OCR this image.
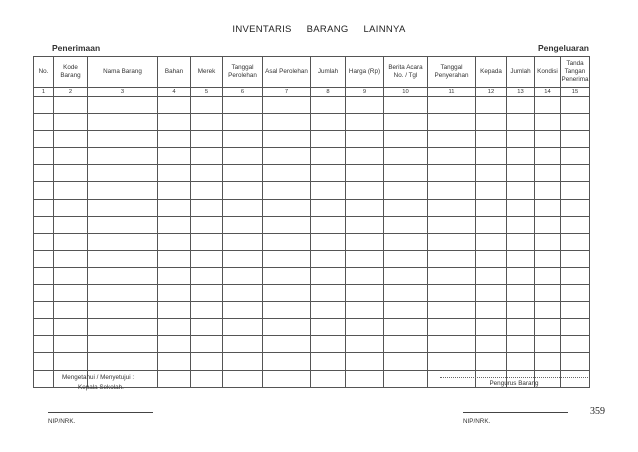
INVENTARIS BARANG LAINNYA
Penerimaan	Pengeluaran
No.	Kode Barang	Nama Barang	Bahan	Merek	Tanggal Perolehan	Asal Perolehan	Jumlah	Harga (Rp)	Berita Acara No. / Tgl	Tanggal Penyerahan	Kepada	Jumlah	Kondisi	Tanda Tangan Penerima
1	2	3	4	5	6	7	8	9	10	11	12	13	14	15

Mengetahui / Menyetujui :
Kepala Sekolah.
Pengurus Barang
NIP/NRK.	NIP/NRK.
359
